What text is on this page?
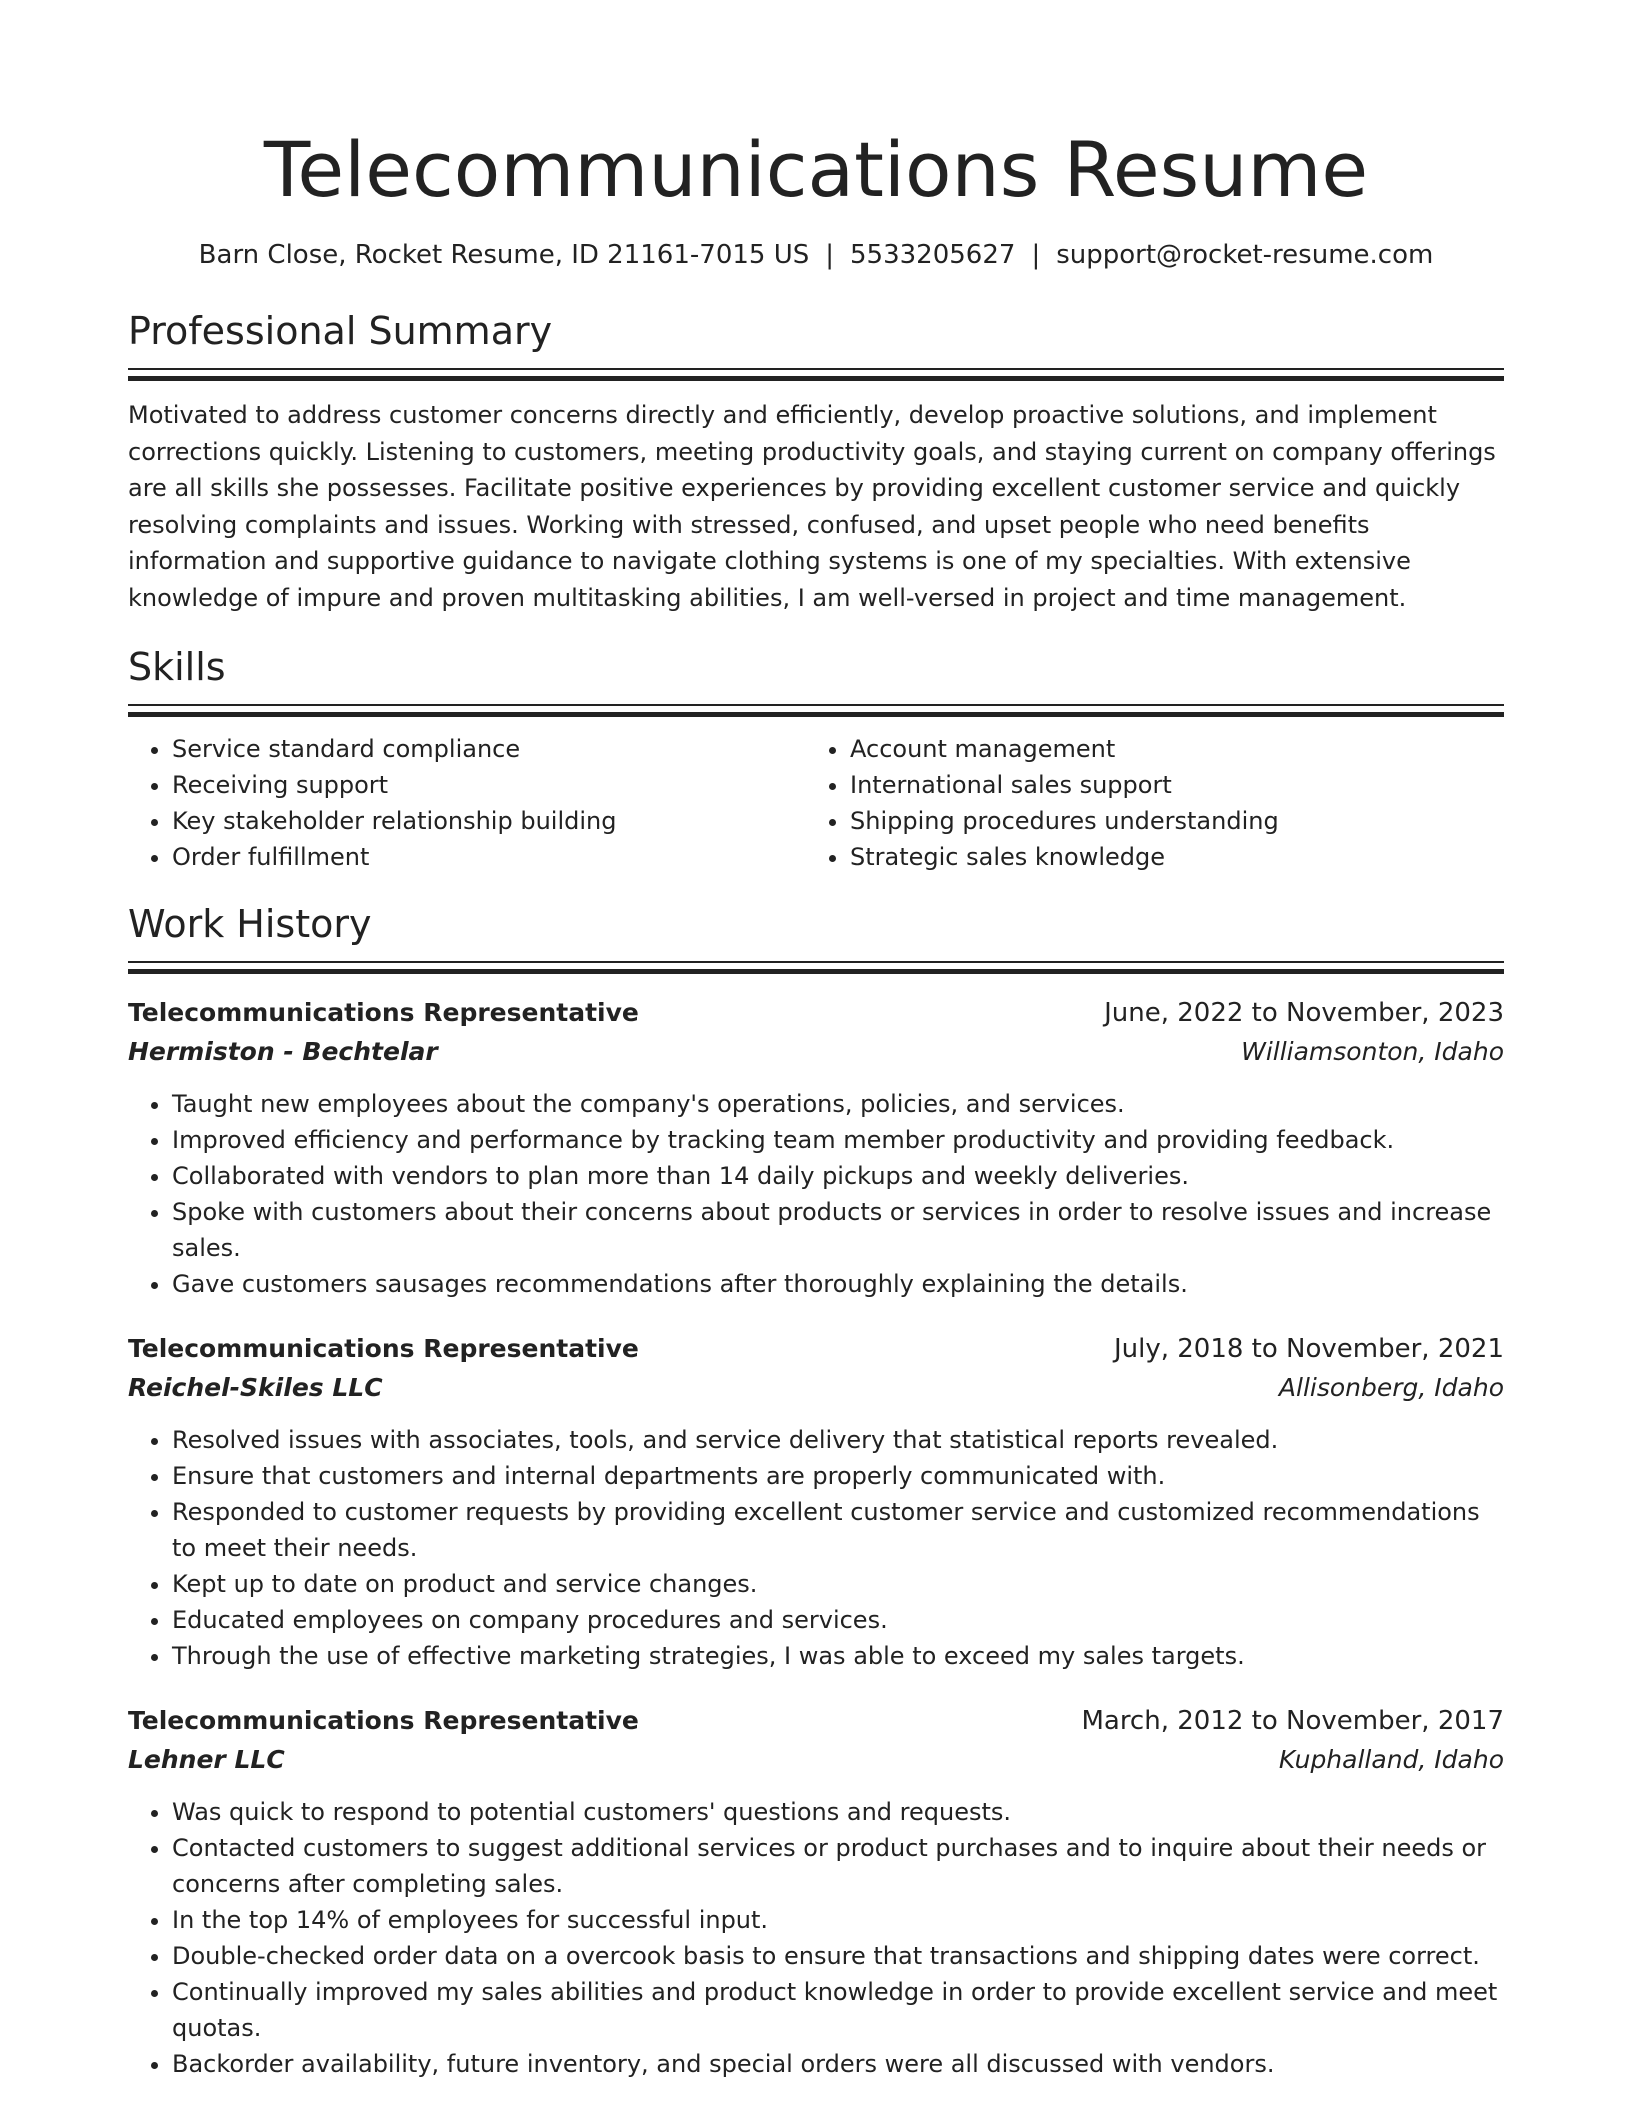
Telecommunications Resume
Barn Close, Rocket Resume, ID 21161-7015 US | 5533205627 | support@rocket-resume.com
Professional Summary

Motivated to address customer concerns directly and efficiently, develop proactive solutions, and implement corrections quickly. Listening to customers, meeting productivity goals, and staying current on company offerings are all skills she possesses. Facilitate positive experiences by providing excellent customer service and quickly resolving complaints and issues. Working with stressed, confused, and upset people who need benefits information and supportive guidance to navigate clothing systems is one of my specialties. With extensive knowledge of impure and proven multitasking abilities, I am well-versed in project and time management.

Skills
• Service standard compliance
• Receiving support
• Key stakeholder relationship building
• Order fulfillment
• Account management
• International sales support
• Shipping procedures understanding
• Strategic sales knowledge
Work History
Telecommunications Representative	June, 2022 to November, 2023
Hermiston - Bechtelar	Williamsonton, Idaho
• Taught new employees about the company's operations, policies, and services.
• Improved efficiency and performance by tracking team member productivity and providing feedback.
• Collaborated with vendors to plan more than 14 daily pickups and weekly deliveries.
• Spoke with customers about their concerns about products or services in order to resolve issues and increase sales.
• Gave customers sausages recommendations after thoroughly explaining the details.
Telecommunications Representative	July, 2018 to November, 2021
Reichel-Skiles LLC	Allisonberg, Idaho
• Resolved issues with associates, tools, and service delivery that statistical reports revealed.
• Ensure that customers and internal departments are properly communicated with.
• Responded to customer requests by providing excellent customer service and customized recommendations to meet their needs.
• Kept up to date on product and service changes.
• Educated employees on company procedures and services.
• Through the use of effective marketing strategies, I was able to exceed my sales targets.
Telecommunications Representative	March, 2012 to November, 2017
Lehner LLC	Kuphalland, Idaho
• Was quick to respond to potential customers' questions and requests.
• Contacted customers to suggest additional services or product purchases and to inquire about their needs or concerns after completing sales.
• In the top 14% of employees for successful input.
• Double-checked order data on a overcook basis to ensure that transactions and shipping dates were correct.
• Continually improved my sales abilities and product knowledge in order to provide excellent service and meet quotas.
• Backorder availability, future inventory, and special orders were all discussed with vendors.
